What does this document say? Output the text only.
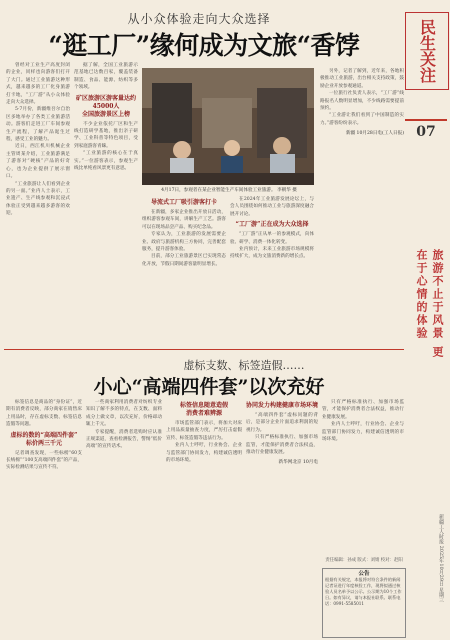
从小众体验走向大众选择
“逛工厂”缘何成为文旅“香饽

曾经对工业生产高度封闭的企业，同样也向游客们打开了大门。通过工业旅游这种形式，越来越多的工厂化身旅游打卡地，“工厂游”从小众体验走向大众选择。

5·7月份，新疆维吾尔自治区多地举办了各类工业旅游活动。游客们走进工厂车间参观生产流程，了解产品诞生过程，感受工业的魅力。

近日，西江机川机械企业主管周某介绍，工业旅游满足了游客对“硬核”产品的好奇心，也为企业提供了展示窗口。

“工业旅游让人们看到企业的另一面。”业内人士表示，工业遗产、生产线参观和沉浸式体验正受到越来越多游客的欢迎。

据了解，全国工业旅游示范基地已达数百家，覆盖装备制造、食品、能源、纺织等多个领域。

矿区旅游区游客量达约45000人
全国旅游景区上榜

不少企业依托厂区和生产线打造研学基地，推出亲子研学、工业科普等特色项目，受到家庭游客青睐。

“工业旅游的核心在于真实。”一位游客表示，参观生产线比单纯看风景更有意思。

4月17日，参观者在某企业智能生产车间体验工业旅游。 李朝华 摄
导流式工厂吸引游客打卡

在新疆，多家企业推出开放日活动，组织游客参观车间，讲解生产工艺。游客可以在现场品尝产品、购买纪念品。

专家认为，工业旅游的发展需要企业、政府与旅游机构三方协同，完善配套服务，提升游客体验。

目前，部分工业旅游景区已实现常态化开放，节假日期间游客量明显增长。

在2024年工业旅游发展论坛上，与会人员围绕如何推动工业与旅游深度融合展开讨论。

“工厂游”正在成为大众选择

“工厂游”正从单一的参观模式，向体验、研学、消费一体化转变。

业内预计，未来工业旅游市场规模将持续扩大，成为文旅消费新的增长点。

另外，记者了解到，近年来，各地积极推动工业旅游，出台相关支持政策，鼓励企业开放参观通道。

一位旅行社负责人表示，“工厂游”线路报名人数明显增加，不少线路需要提前预约。

“工业游让我们看到了中国制造的实力。”游客纷纷表示。

新疆 10月28日电(工人日报)
虚标支数、标签造假……
小心“高端四件套”以次充好

标签信息是商品的“身份证”，近期有消费者反映，部分商家在销售床上用品时，存在虚标支数、标签信息造假等问题。

虚标的数的“高端四件套”
标价两三千元

记者调查发现，一些标榜“60支长绒棉”“100支高端四件套”的产品，实际检测结果与宣传不符。

一些商家利用消费者对纺织专业知识了解不多的特点，在支数、面料成分上做文章，以次充好，价格却动辄上千元。

专家提醒，消费者选购时应认准正规渠道，查看检测报告，警惕“低价高端”的宣传话术。

标签信息随意造假
消费者难辨源

市场监管部门表示，将加大对床上用品质量抽查力度，严厉打击虚假宣传、标签造假等违法行为。

业内人士呼吁，行业协会、企业与监管部门协同发力，构建诚信透明的市场环境。

协同发力构建健康市场环境

“高端四件套”虚标问题的背后，是部分企业片面追求利润的短视行为。

只有严格标准执行、加强市场监管，才能保护消费者合法权益，推动行业健康发展。

新华网北京 10月电

只有严格标准执行、加强市场监管，才能保护消费者合法权益，推动行业健康发展。

业内人士呼吁，行业协会、企业与监管部门协同发力，构建诚信透明的市场环境。

责任编辑：孙成 版式：刘婧 校对：赵阳
公告
根据有关规定，本报将对符合条件的新闻记者证进行年度核验工作，现将拟通过核验人员名单予以公示。公示期为10个工作日。如有异议，请与本报社联系。联系电话：0991-5585011
民生关注
07
旅游不止于风景 更在于心情的体验
新疆工人时报 2025年10月29日 星期三
